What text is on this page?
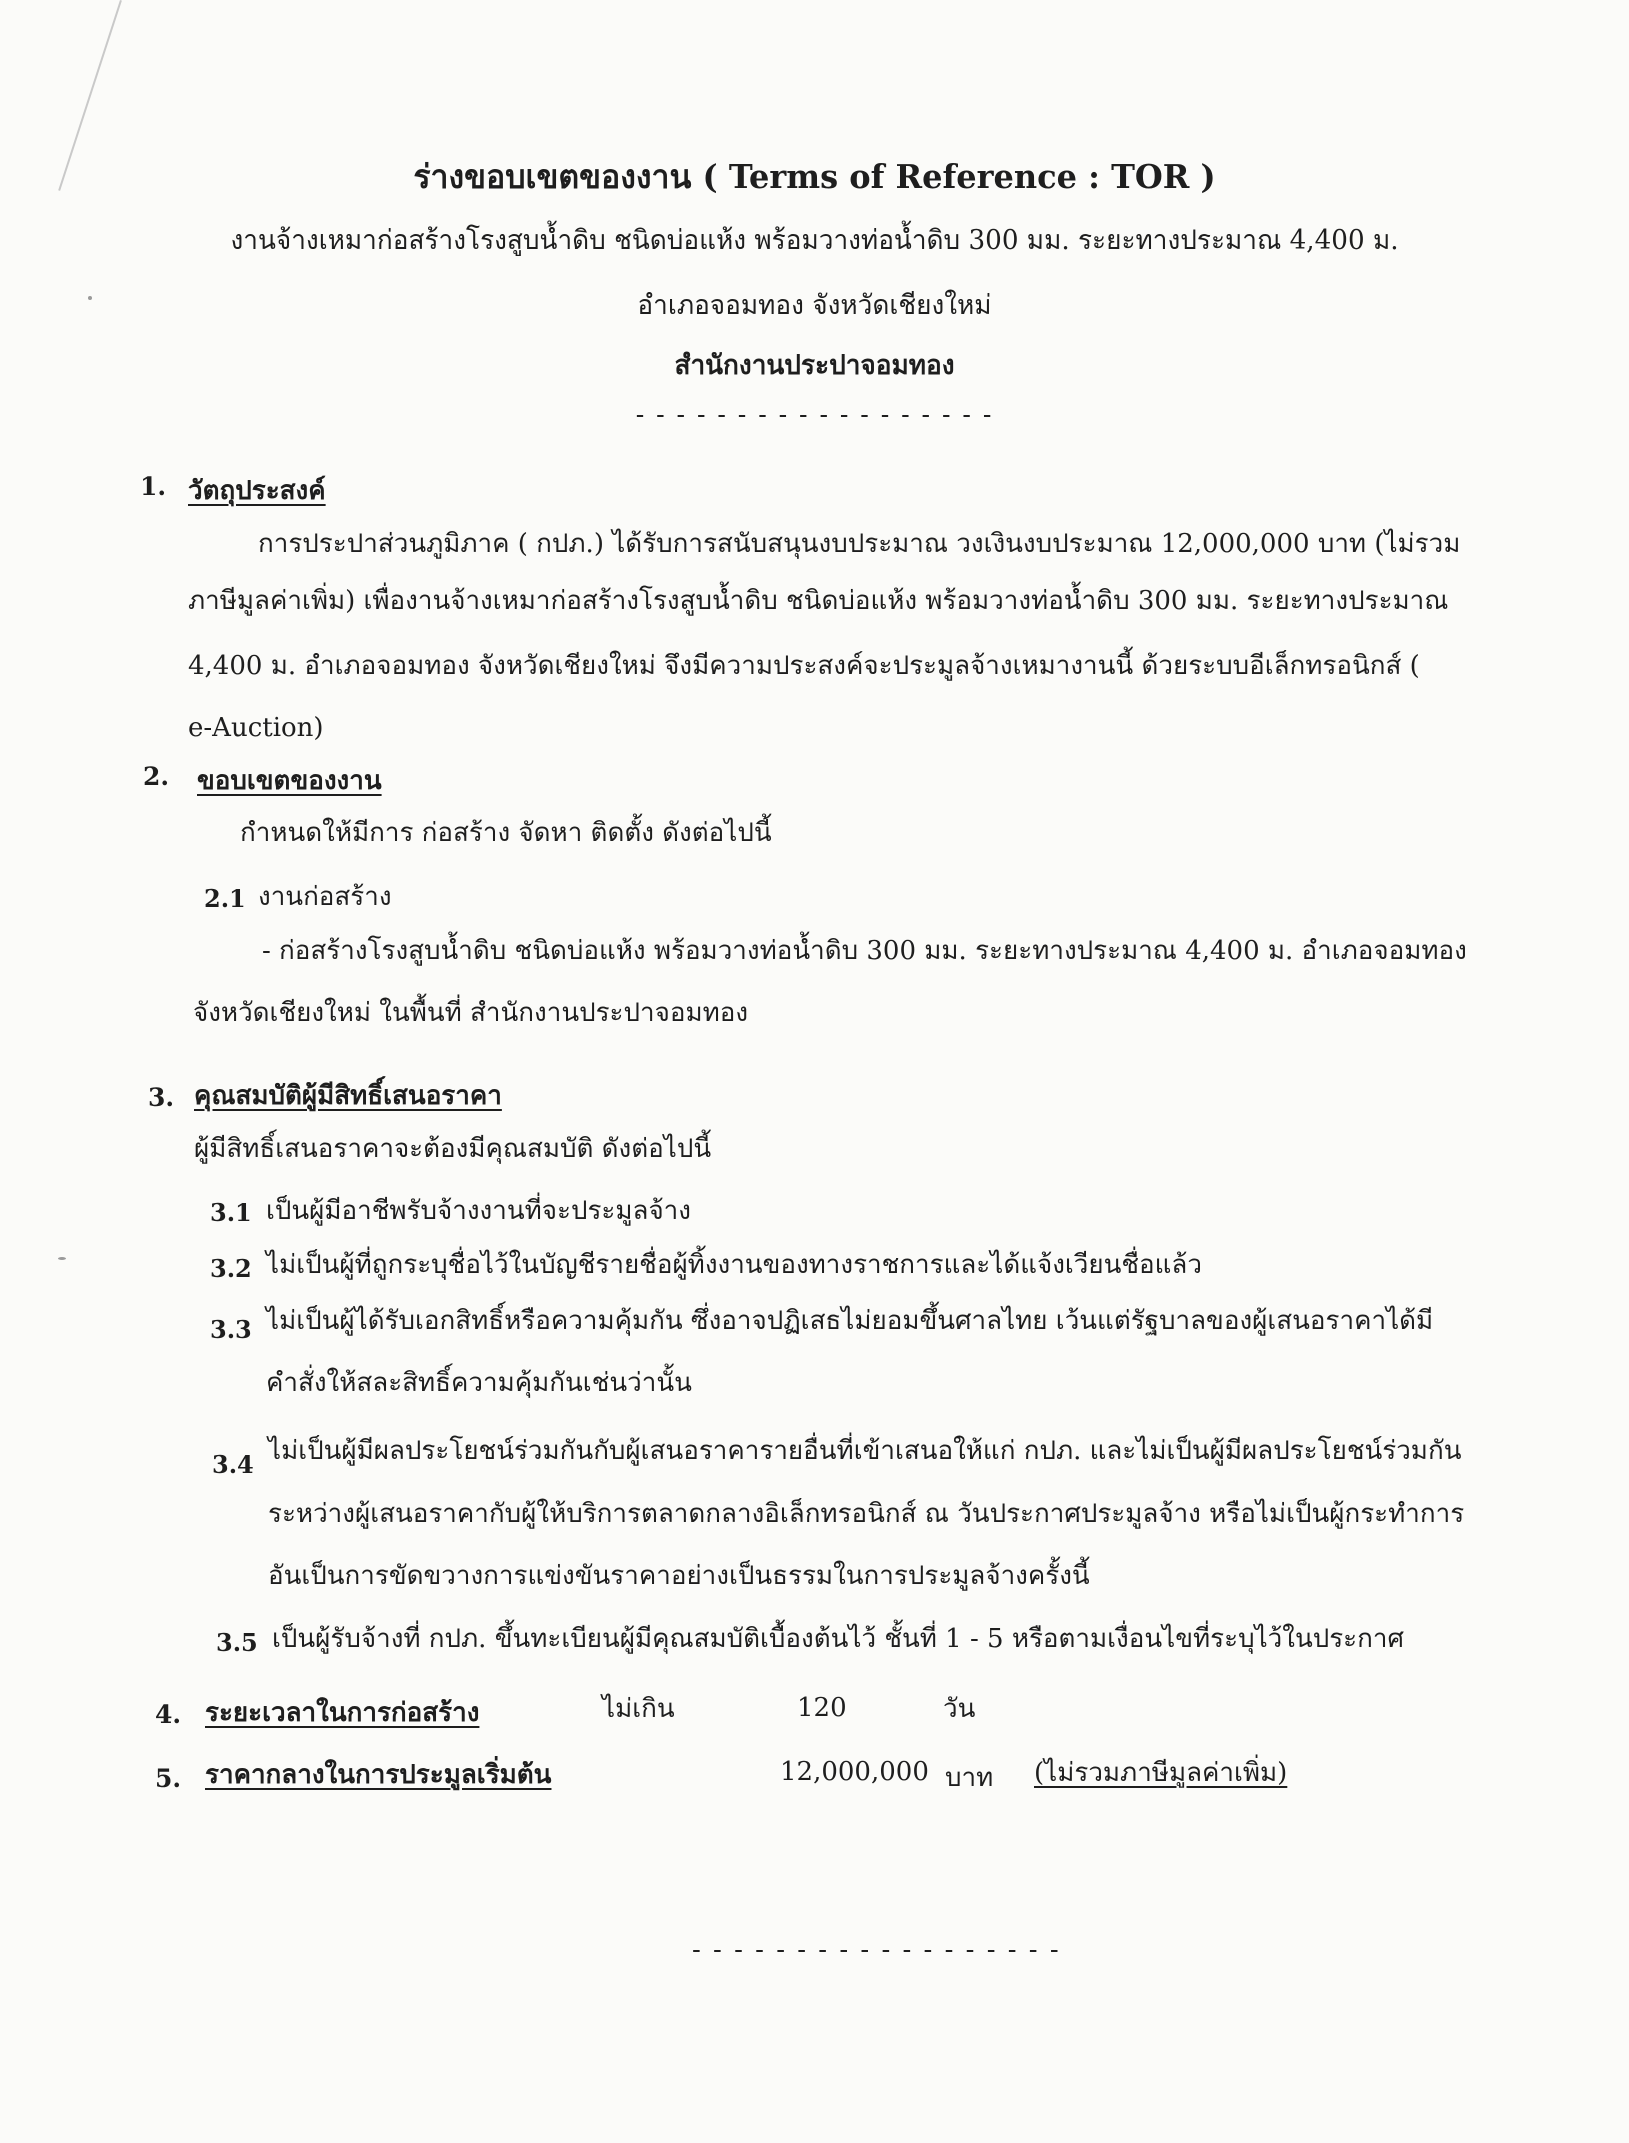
ร่างขอบเขตของงาน ( Terms of Reference : TOR )
งานจ้างเหมาก่อสร้างโรงสูบน้ำดิบ ชนิดบ่อแห้ง พร้อมวางท่อน้ำดิบ 300 มม. ระยะทางประมาณ 4,400 ม.
อำเภอจอมทอง จังหวัดเชียงใหม่
สำนักงานประปาจอมทอง
- - - - - - - - - - - - - - - - - -
1. วัตถุประสงค์
การประปาส่วนภูมิภาค ( กปภ.) ได้รับการสนับสนุนงบประมาณ วงเงินงบประมาณ 12,000,000 บาท (ไม่รวม
ภาษีมูลค่าเพิ่ม) เพื่องานจ้างเหมาก่อสร้างโรงสูบน้ำดิบ ชนิดบ่อแห้ง พร้อมวางท่อน้ำดิบ 300 มม. ระยะทางประมาณ
4,400 ม. อำเภอจอมทอง จังหวัดเชียงใหม่ จึงมีความประสงค์จะประมูลจ้างเหมางานนี้ ด้วยระบบอีเล็กทรอนิกส์ (
e-Auction)
2. ขอบเขตของงาน
กำหนดให้มีการ ก่อสร้าง จัดหา ติดตั้ง ดังต่อไปนี้
2.1 งานก่อสร้าง
- ก่อสร้างโรงสูบน้ำดิบ ชนิดบ่อแห้ง พร้อมวางท่อน้ำดิบ 300 มม. ระยะทางประมาณ 4,400 ม. อำเภอจอมทอง
จังหวัดเชียงใหม่ ในพื้นที่ สำนักงานประปาจอมทอง
3. คุณสมบัติผู้มีสิทธิ์เสนอราคา
ผู้มีสิทธิ์เสนอราคาจะต้องมีคุณสมบัติ ดังต่อไปนี้
3.1 เป็นผู้มีอาชีพรับจ้างงานที่จะประมูลจ้าง
3.2 ไม่เป็นผู้ที่ถูกระบุชื่อไว้ในบัญชีรายชื่อผู้ทิ้งงานของทางราชการและได้แจ้งเวียนชื่อแล้ว
3.3 ไม่เป็นผู้ได้รับเอกสิทธิ์หรือความคุ้มกัน ซึ่งอาจปฏิเสธไม่ยอมขึ้นศาลไทย เว้นแต่รัฐบาลของผู้เสนอราคาได้มี
คำสั่งให้สละสิทธิ์ความคุ้มกันเช่นว่านั้น
3.4 ไม่เป็นผู้มีผลประโยชน์ร่วมกันกับผู้เสนอราคารายอื่นที่เข้าเสนอให้แก่ กปภ. และไม่เป็นผู้มีผลประโยชน์ร่วมกัน
ระหว่างผู้เสนอราคากับผู้ให้บริการตลาดกลางอิเล็กทรอนิกส์ ณ วันประกาศประมูลจ้าง หรือไม่เป็นผู้กระทำการ
อันเป็นการขัดขวางการแข่งขันราคาอย่างเป็นธรรมในการประมูลจ้างครั้งนี้
3.5 เป็นผู้รับจ้างที่ กปภ. ขึ้นทะเบียนผู้มีคุณสมบัติเบื้องต้นไว้ ชั้นที่ 1 - 5 หรือตามเงื่อนไขที่ระบุไว้ในประกาศ
4. ระยะเวลาในการก่อสร้าง	ไม่เกิน	120	วัน
5. ราคากลางในการประมูลเริ่มต้น	12,000,000 บาท (ไม่รวมภาษีมูลค่าเพิ่ม)
- - - - - - - - - - - - - - - - - -
